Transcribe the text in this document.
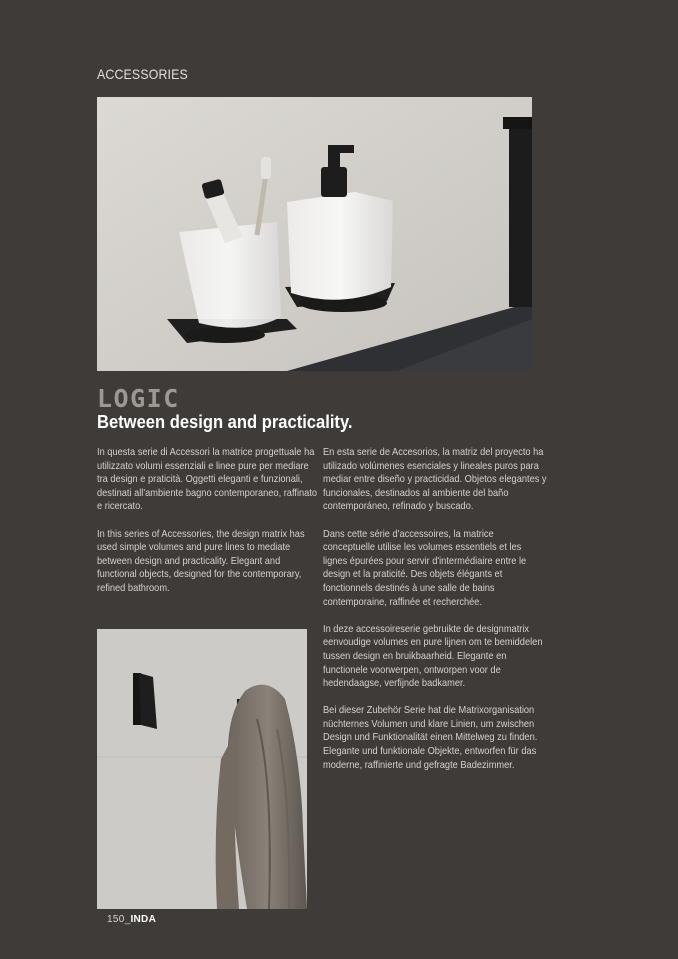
ACCESSORIES
LOGIC
Between design and practicality.

In questa serie di Accessori la matrice progettuale ha utilizzato volumi essenziali e linee pure per mediare tra design e praticità. Oggetti eleganti e funzionali, destinati all'ambiente bagno contemporaneo, raffinato e ricercato.

In this series of Accessories, the design matrix has used simple volumes and pure lines to mediate between design and practicality. Elegant and functional objects, designed for the contemporary, refined bathroom.

En esta serie de Accesorios, la matriz del proyecto ha utilizado volúmenes esenciales y lineales puros para mediar entre diseño y practicidad. Objetos elegantes y funcionales, destinados al ambiente del baño contemporáneo, refinado y buscado.

Dans cette série d'accessoires, la matrice conceptuelle utilise les volumes essentiels et les lignes épurées pour servir d'intermédiaire entre le design et la praticité. Des objets élégants et fonctionnels destinés à une salle de bains contemporaine, raffinée et recherchée.

In deze accessoireserie gebruikte de designmatrix eenvoudige volumes en pure lijnen om te bemiddelen tussen design en bruikbaarheid. Elegante en functionele voorwerpen, ontworpen voor de hedendaagse, verfijnde badkamer.

Bei dieser Zubehör Serie hat die Matrixorganisation nüchternes Volumen und klare Linien, um zwischen Design und Funktionalität einen Mittelweg zu finden. Elegante und funktionale Objekte, entworfen für das moderne, raffinierte und gefragte Badezimmer.

150_INDA
